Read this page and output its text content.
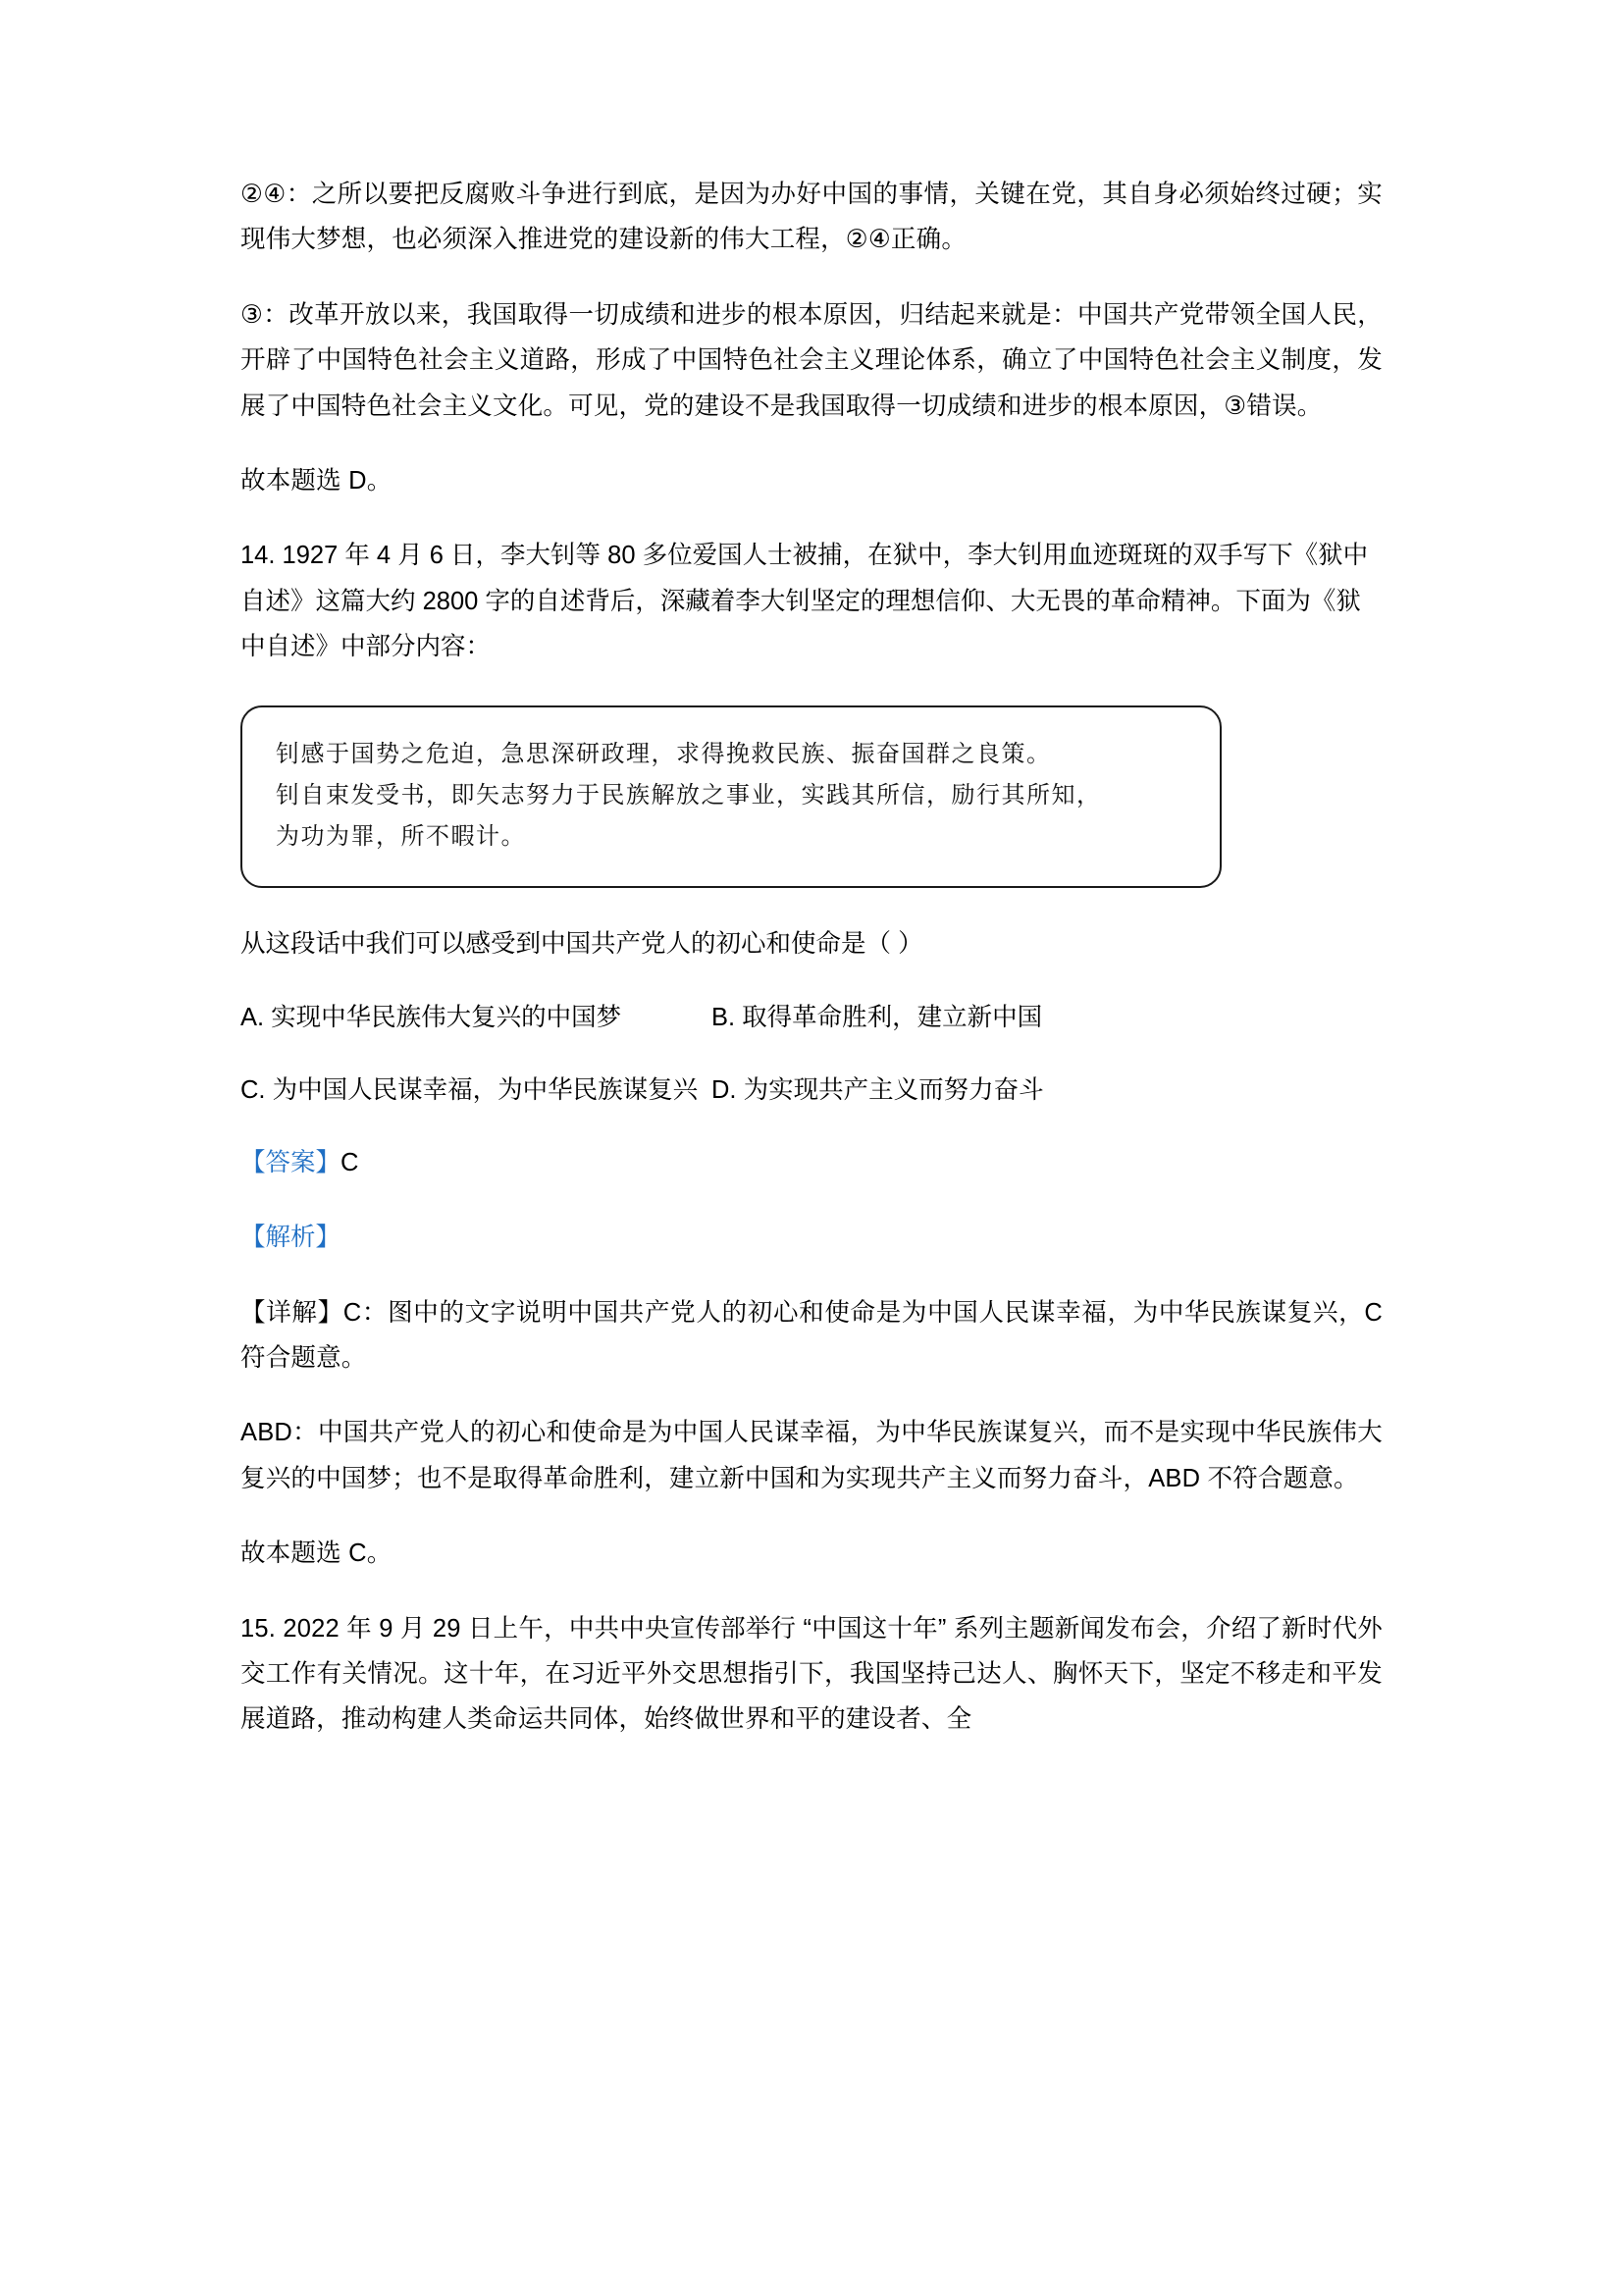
②④：之所以要把反腐败斗争进行到底，是因为办好中国的事情，关键在党，其自身必须始终过硬；实现伟大梦想，也必须深入推进党的建设新的伟大工程，②④正确。

③：改革开放以来，我国取得一切成绩和进步的根本原因，归结起来就是：中国共产党带领全国人民，开辟了中国特色社会主义道路，形成了中国特色社会主义理论体系，确立了中国特色社会主义制度，发展了中国特色社会主义文化。可见，党的建设不是我国取得一切成绩和进步的根本原因，③错误。

故本题选 D。

14. 1927 年 4 月 6 日，李大钊等 80 多位爱国人士被捕，在狱中，李大钊用血迹斑斑的双手写下《狱中自述》这篇大约 2800 字的自述背后，深藏着李大钊坚定的理想信仰、大无畏的革命精神。下面为《狱中自述》中部分内容：

钊感于国势之危迫，急思深研政理，求得挽救民族、振奋国群之良策。
钊自束发受书，即矢志努力于民族解放之事业，实践其所信，励行其所知，
为功为罪，所不暇计。

从这段话中我们可以感受到中国共产党人的初心和使命是（ ）

A. 实现中华民族伟大复兴的中国梦	B. 取得革命胜利，建立新中国
C. 为中国人民谋幸福，为中华民族谋复兴 D. 为实现共产主义而努力奋斗

【答案】C

【解析】

【详解】C：图中的文字说明中国共产党人的初心和使命是为中国人民谋幸福，为中华民族谋复兴，C 符合题意。

ABD：中国共产党人的初心和使命是为中国人民谋幸福，为中华民族谋复兴，而不是实现中华民族伟大复兴的中国梦；也不是取得革命胜利，建立新中国和为实现共产主义而努力奋斗，ABD 不符合题意。

故本题选 C。

15. 2022 年 9 月 29 日上午，中共中央宣传部举行 “中国这十年” 系列主题新闻发布会，介绍了新时代外交工作有关情况。这十年，在习近平外交思想指引下，我国坚持己达人、胸怀天下，坚定不移走和平发展道路，推动构建人类命运共同体，始终做世界和平的建设者、全
